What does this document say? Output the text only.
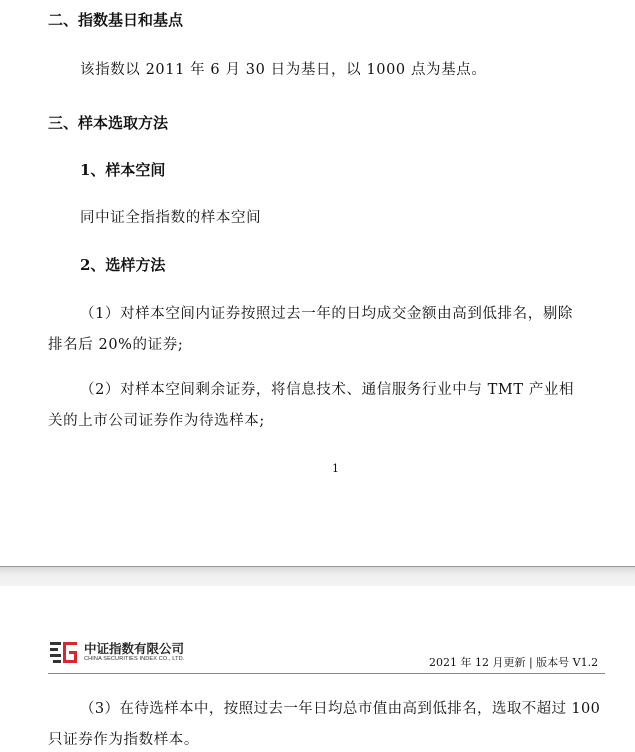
二、指数基日和基点
该指数以 2011 年 6 月 30 日为基日，以 1000 点为基点。
三、样本选取方法
1、样本空间
同中证全指指数的样本空间
2、选样方法
（1）对样本空间内证券按照过去一年的日均成交金额由高到低排名，剔除
排名后 20%的证券;
（2）对样本空间剩余证券，将信息技术、通信服务行业中与 TMT 产业相
关的上市公司证券作为待选样本;
1
中证指数有限公司
CHINA SECURITIES INDEX CO., LTD.	2021 年 12 月更新 | 版本号 V1.2
（3）在待选样本中，按照过去一年日均总市值由高到低排名，选取不超过 100
只证券作为指数样本。
